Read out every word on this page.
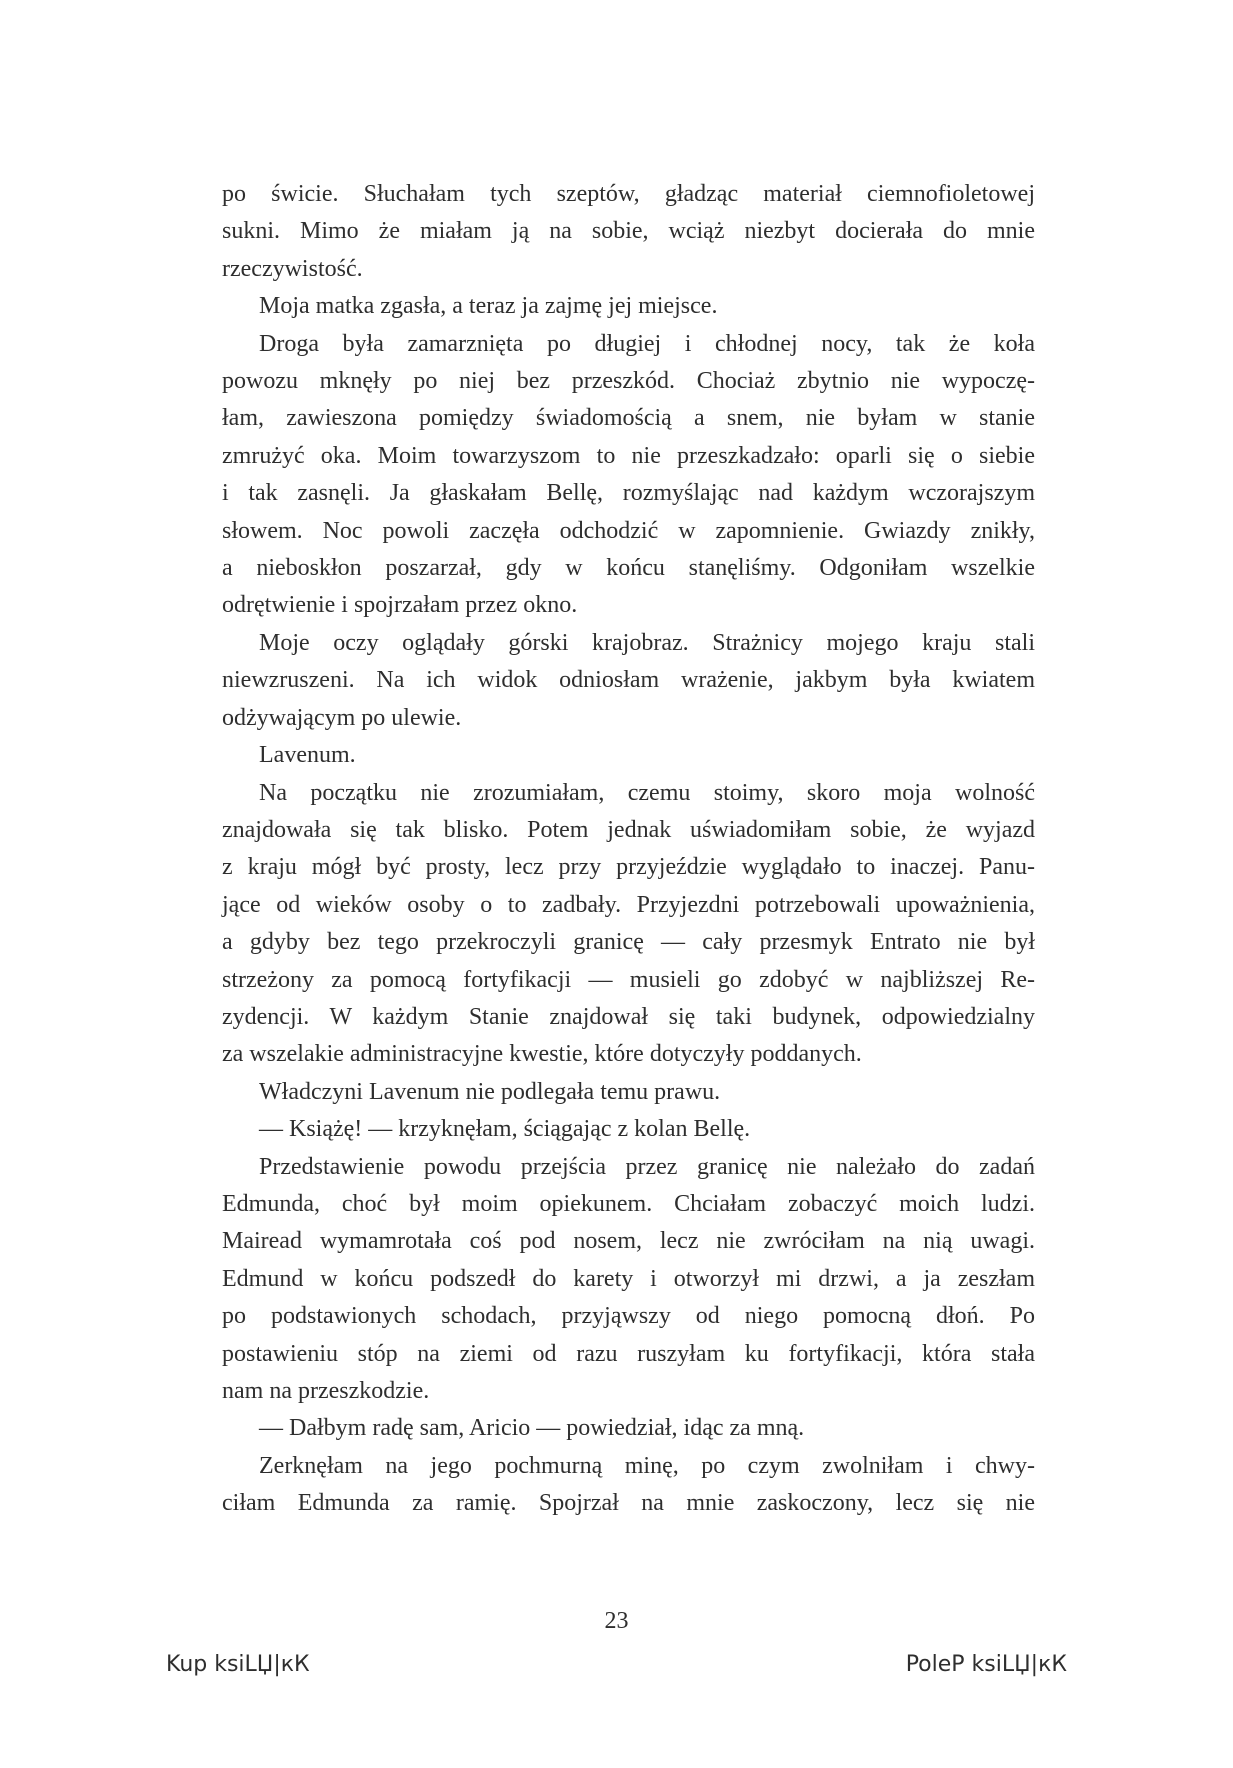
po świcie. Słuchałam tych szeptów, gładząc materiał ciemnofioletowej
sukni. Mimo że miałam ją na sobie, wciąż niezbyt docierała do mnie
rzeczywistość.
Moja matka zgasła, a teraz ja zajmę jej miejsce.
Droga była zamarznięta po długiej i chłodnej nocy, tak że koła
powozu mknęły po niej bez przeszkód. Chociaż zbytnio nie wypoczę-
łam, zawieszona pomiędzy świadomością a snem, nie byłam w stanie
zmrużyć oka. Moim towarzyszom to nie przeszkadzało: oparli się o siebie
i tak zasnęli. Ja głaskałam Bellę, rozmyślając nad każdym wczorajszym
słowem. Noc powoli zaczęła odchodzić w zapomnienie. Gwiazdy znikły,
a nieboskłon poszarzał, gdy w końcu stanęliśmy. Odgoniłam wszelkie
odrętwienie i spojrzałam przez okno.
Moje oczy oglądały górski krajobraz. Strażnicy mojego kraju stali
niewzruszeni. Na ich widok odniosłam wrażenie, jakbym była kwiatem
odżywającym po ulewie.
Lavenum.
Na początku nie zrozumiałam, czemu stoimy, skoro moja wolność
znajdowała się tak blisko. Potem jednak uświadomiłam sobie, że wyjazd
z kraju mógł być prosty, lecz przy przyjeździe wyglądało to inaczej. Panu-
jące od wieków osoby o to zadbały. Przyjezdni potrzebowali upoważnienia,
a gdyby bez tego przekroczyli granicę — cały przesmyk Entrato nie był
strzeżony za pomocą fortyfikacji — musieli go zdobyć w najbliższej Re-
zydencji. W każdym Stanie znajdował się taki budynek, odpowiedzialny
za wszelakie administracyjne kwestie, które dotyczyły poddanych.
Władczyni Lavenum nie podlegała temu prawu.
— Książę! — krzyknęłam, ściągając z kolan Bellę.
Przedstawienie powodu przejścia przez granicę nie należało do zadań
Edmunda, choć był moim opiekunem. Chciałam zobaczyć moich ludzi.
Mairead wymamrotała coś pod nosem, lecz nie zwróciłam na nią uwagi.
Edmund w końcu podszedł do karety i otworzył mi drzwi, a ja zeszłam
po podstawionych schodach, przyjąwszy od niego pomocną dłoń. Po
postawieniu stóp na ziemi od razu ruszyłam ku fortyfikacji, która stała
nam na przeszkodzie.
— Dałbym radę sam, Aricio — powiedział, idąc za mną.
Zerknęłam na jego pochmurną minę, po czym zwolniłam i chwy-
ciłam Edmunda za ramię. Spojrzał na mnie zaskoczony, lecz się nie
23
Kup ksiLЏ|кК	PoleP ksiLЏ|кК
